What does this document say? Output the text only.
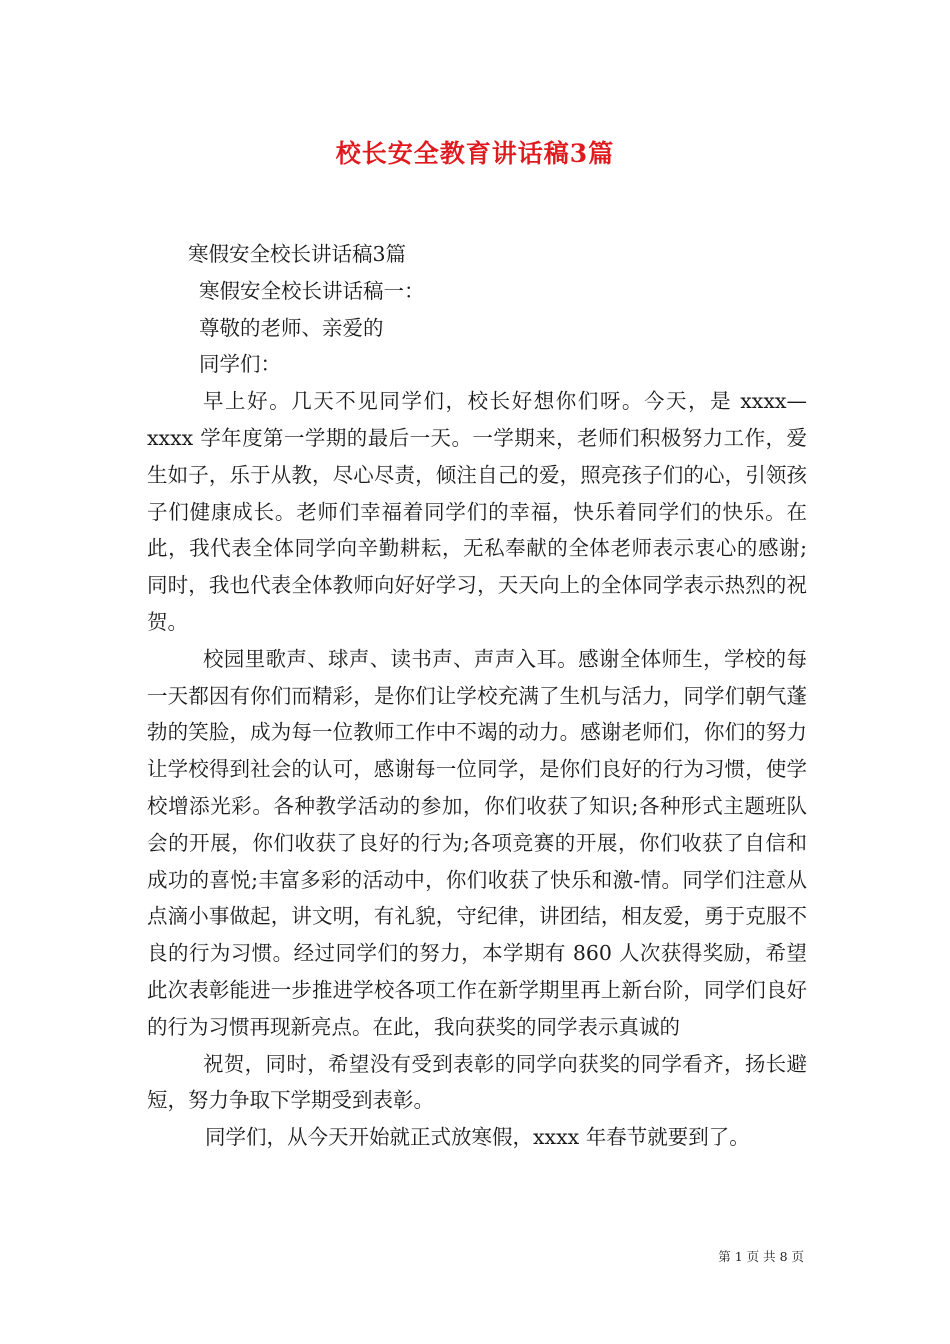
校长安全教育讲话稿3篇
寒假安全校长讲话稿3篇
寒假安全校长讲话稿一：
尊敬的老师、亲爱的
同学们：
早上好。几天不见同学们，校长好想你们呀。今天，是 xxxx—xxxx 学年度第一学期的最后一天。一学期来，老师们积极努力工作，爱生如子，乐于从教，尽心尽责，倾注自己的爱，照亮孩子们的心，引领孩子们健康成长。老师们幸福着同学们的幸福，快乐着同学们的快乐。在此，我代表全体同学向辛勤耕耘，无私奉献的全体老师表示衷心的感谢;同时，我也代表全体教师向好好学习，天天向上的全体同学表示热烈的祝贺。
校园里歌声、球声、读书声、声声入耳。感谢全体师生，学校的每一天都因有你们而精彩，是你们让学校充满了生机与活力，同学们朝气蓬勃的笑脸，成为每一位教师工作中不竭的动力。感谢老师们，你们的努力让学校得到社会的认可，感谢每一位同学，是你们良好的行为习惯，使学校增添光彩。各种教学活动的参加，你们收获了知识;各种形式主题班队会的开展，你们收获了良好的行为;各项竞赛的开展，你们收获了自信和成功的喜悦;丰富多彩的活动中，你们收获了快乐和激-情。同学们注意从点滴小事做起，讲文明，有礼貌，守纪律，讲团结，相友爱，勇于克服不良的行为习惯。经过同学们的努力，本学期有 860 人次获得奖励，希望此次表彰能进一步推进学校各项工作在新学期里再上新台阶，同学们良好的行为习惯再现新亮点。在此，我向获奖的同学表示真诚的
祝贺，同时，希望没有受到表彰的同学向获奖的同学看齐，扬长避短，努力争取下学期受到表彰。
同学们，从今天开始就正式放寒假，xxxx 年春节就要到了。
第 1 页 共 8 页
